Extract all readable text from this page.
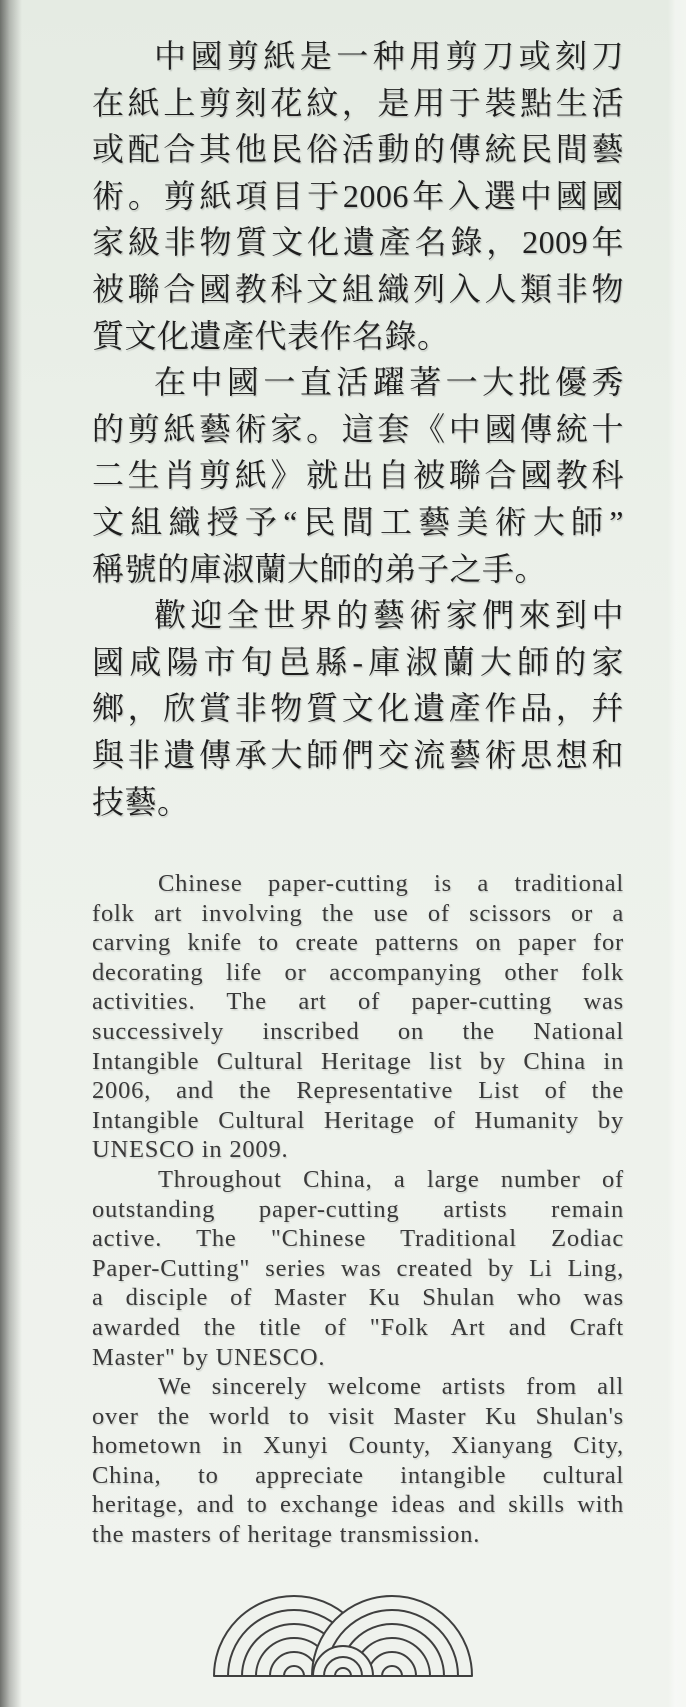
中國剪紙是一种用剪刀或刻刀
在紙上剪刻花紋，是用于裝點生活
或配合其他民俗活動的傳統民間藝
術。剪紙項目于2006年入選中國國
家級非物質文化遺產名錄，2009年
被聯合國教科文組織列入人類非物
質文化遺產代表作名錄。
在中國一直活躍著一大批優秀
的剪紙藝術家。這套《中國傳統十
二生肖剪紙》就出自被聯合國教科
文組織授予“民間工藝美術大師”
稱號的庫淑蘭大師的弟子之手。
歡迎全世界的藝術家們來到中
國咸陽市旬邑縣-庫淑蘭大師的家
鄉，欣賞非物質文化遺產作品，幷
與非遺傳承大師們交流藝術思想和
技藝。
Chinese paper-cutting is a traditional
folk art involving the use of scissors or a
carving knife to create patterns on paper for
decorating life or accompanying other folk
activities. The art of paper-cutting was
successively inscribed on the National
Intangible Cultural Heritage list by China in
2006, and the Representative List of the
Intangible Cultural Heritage of Humanity by
UNESCO in 2009.
Throughout China, a large number of
outstanding paper-cutting artists remain
active. The "Chinese Traditional Zodiac
Paper-Cutting" series was created by Li Ling,
a disciple of Master Ku Shulan who was
awarded the title of "Folk Art and Craft
Master" by UNESCO.
We sincerely welcome artists from all
over the world to visit Master Ku Shulan's
hometown in Xunyi County, Xianyang City,
China, to appreciate intangible cultural
heritage, and to exchange ideas and skills with
the masters of heritage transmission.
